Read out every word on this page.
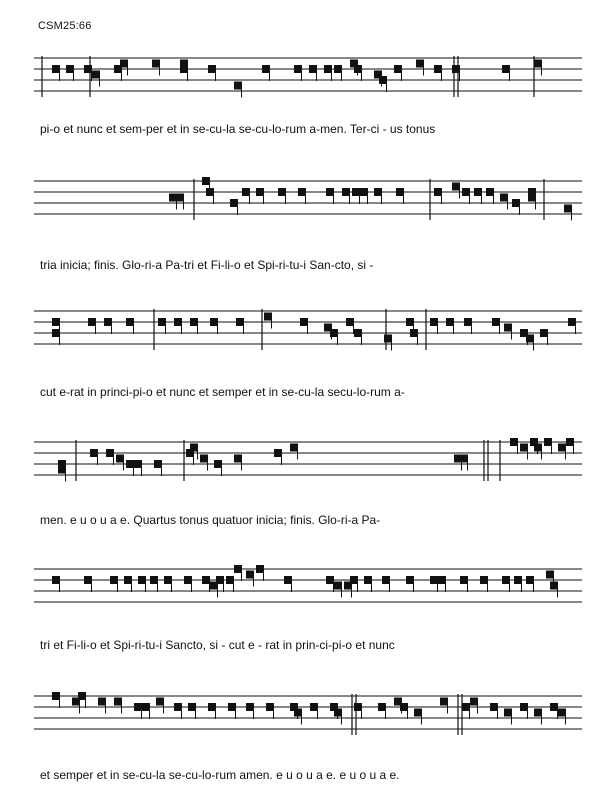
CSM25:66
pi-o et nunc et sem-per et in se-cu-la se-cu-lo-rum a-men. Ter-ci - us tonus
tria inicia; finis. Glo-ri-a Pa-tri et Fi-li-o et Spi-ri-tu-i San-cto, si -
cut e-rat in princi-pi-o et nunc et semper et in se-cu-la secu-lo-rum a-
men. e u o u a e. Quartus tonus quatuor inicia; finis. Glo-ri-a Pa-
tri et Fi-li-o et Spi-ri-tu-i Sancto, si - cut e - rat in prin-ci-pi-o et nunc
et semper et in se-cu-la se-cu-lo-rum amen. e u o u a e. e u o u a e.
